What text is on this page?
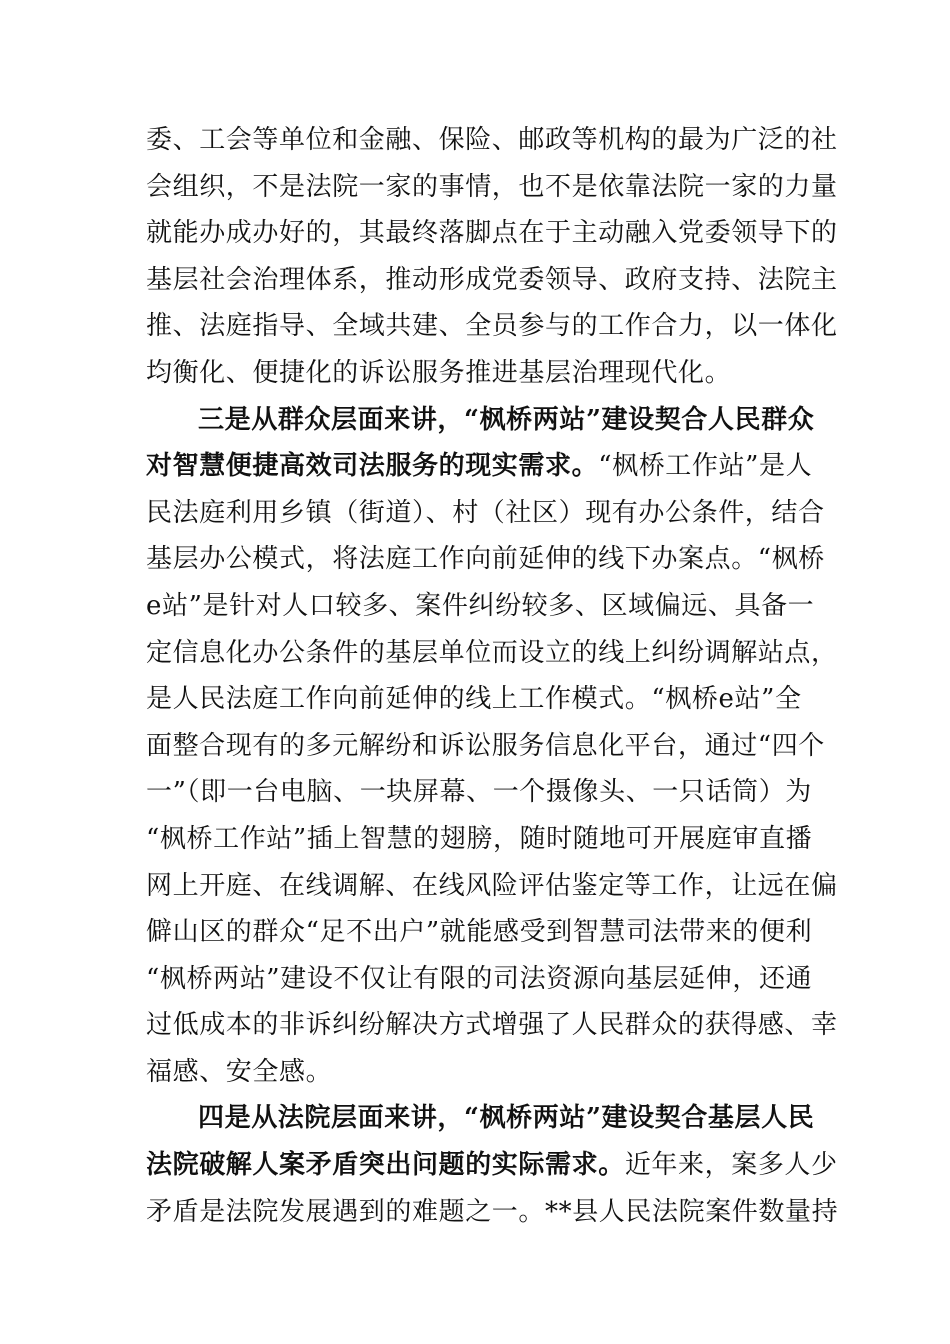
委、工会等单位和金融、保险、邮政等机构的最为广泛的社
会组织，不是法院一家的事情，也不是依靠法院一家的力量
就能办成办好的，其最终落脚点在于主动融入党委领导下的
基层社会治理体系，推动形成党委领导、政府支持、法院主
推、法庭指导、全域共建、全员参与的工作合力，以一体化
均衡化、便捷化的诉讼服务推进基层治理现代化。
三是从群众层面来讲，“枫桥两站”建设契合人民群众
对智慧便捷高效司法服务的现实需求。“枫桥工作站”是人
民法庭利用乡镇（街道）、村（社区）现有办公条件，结合
基层办公模式，将法庭工作向前延伸的线下办案点。“枫桥
e站”是针对人口较多、案件纠纷较多、区域偏远、具备一
定信息化办公条件的基层单位而设立的线上纠纷调解站点，
是人民法庭工作向前延伸的线上工作模式。“枫桥e站”全
面整合现有的多元解纷和诉讼服务信息化平台，通过“四个
一”（即一台电脑、一块屏幕、一个摄像头、一只话筒）为
“枫桥工作站”插上智慧的翅膀，随时随地可开展庭审直播
网上开庭、在线调解、在线风险评估鉴定等工作，让远在偏
僻山区的群众“足不出户”就能感受到智慧司法带来的便利
“枫桥两站”建设不仅让有限的司法资源向基层延伸，还通
过低成本的非诉纠纷解决方式增强了人民群众的获得感、幸
福感、安全感。
四是从法院层面来讲，“枫桥两站”建设契合基层人民
法院破解人案矛盾突出问题的实际需求。近年来，案多人少
矛盾是法院发展遇到的难题之一。**县人民法院案件数量持
